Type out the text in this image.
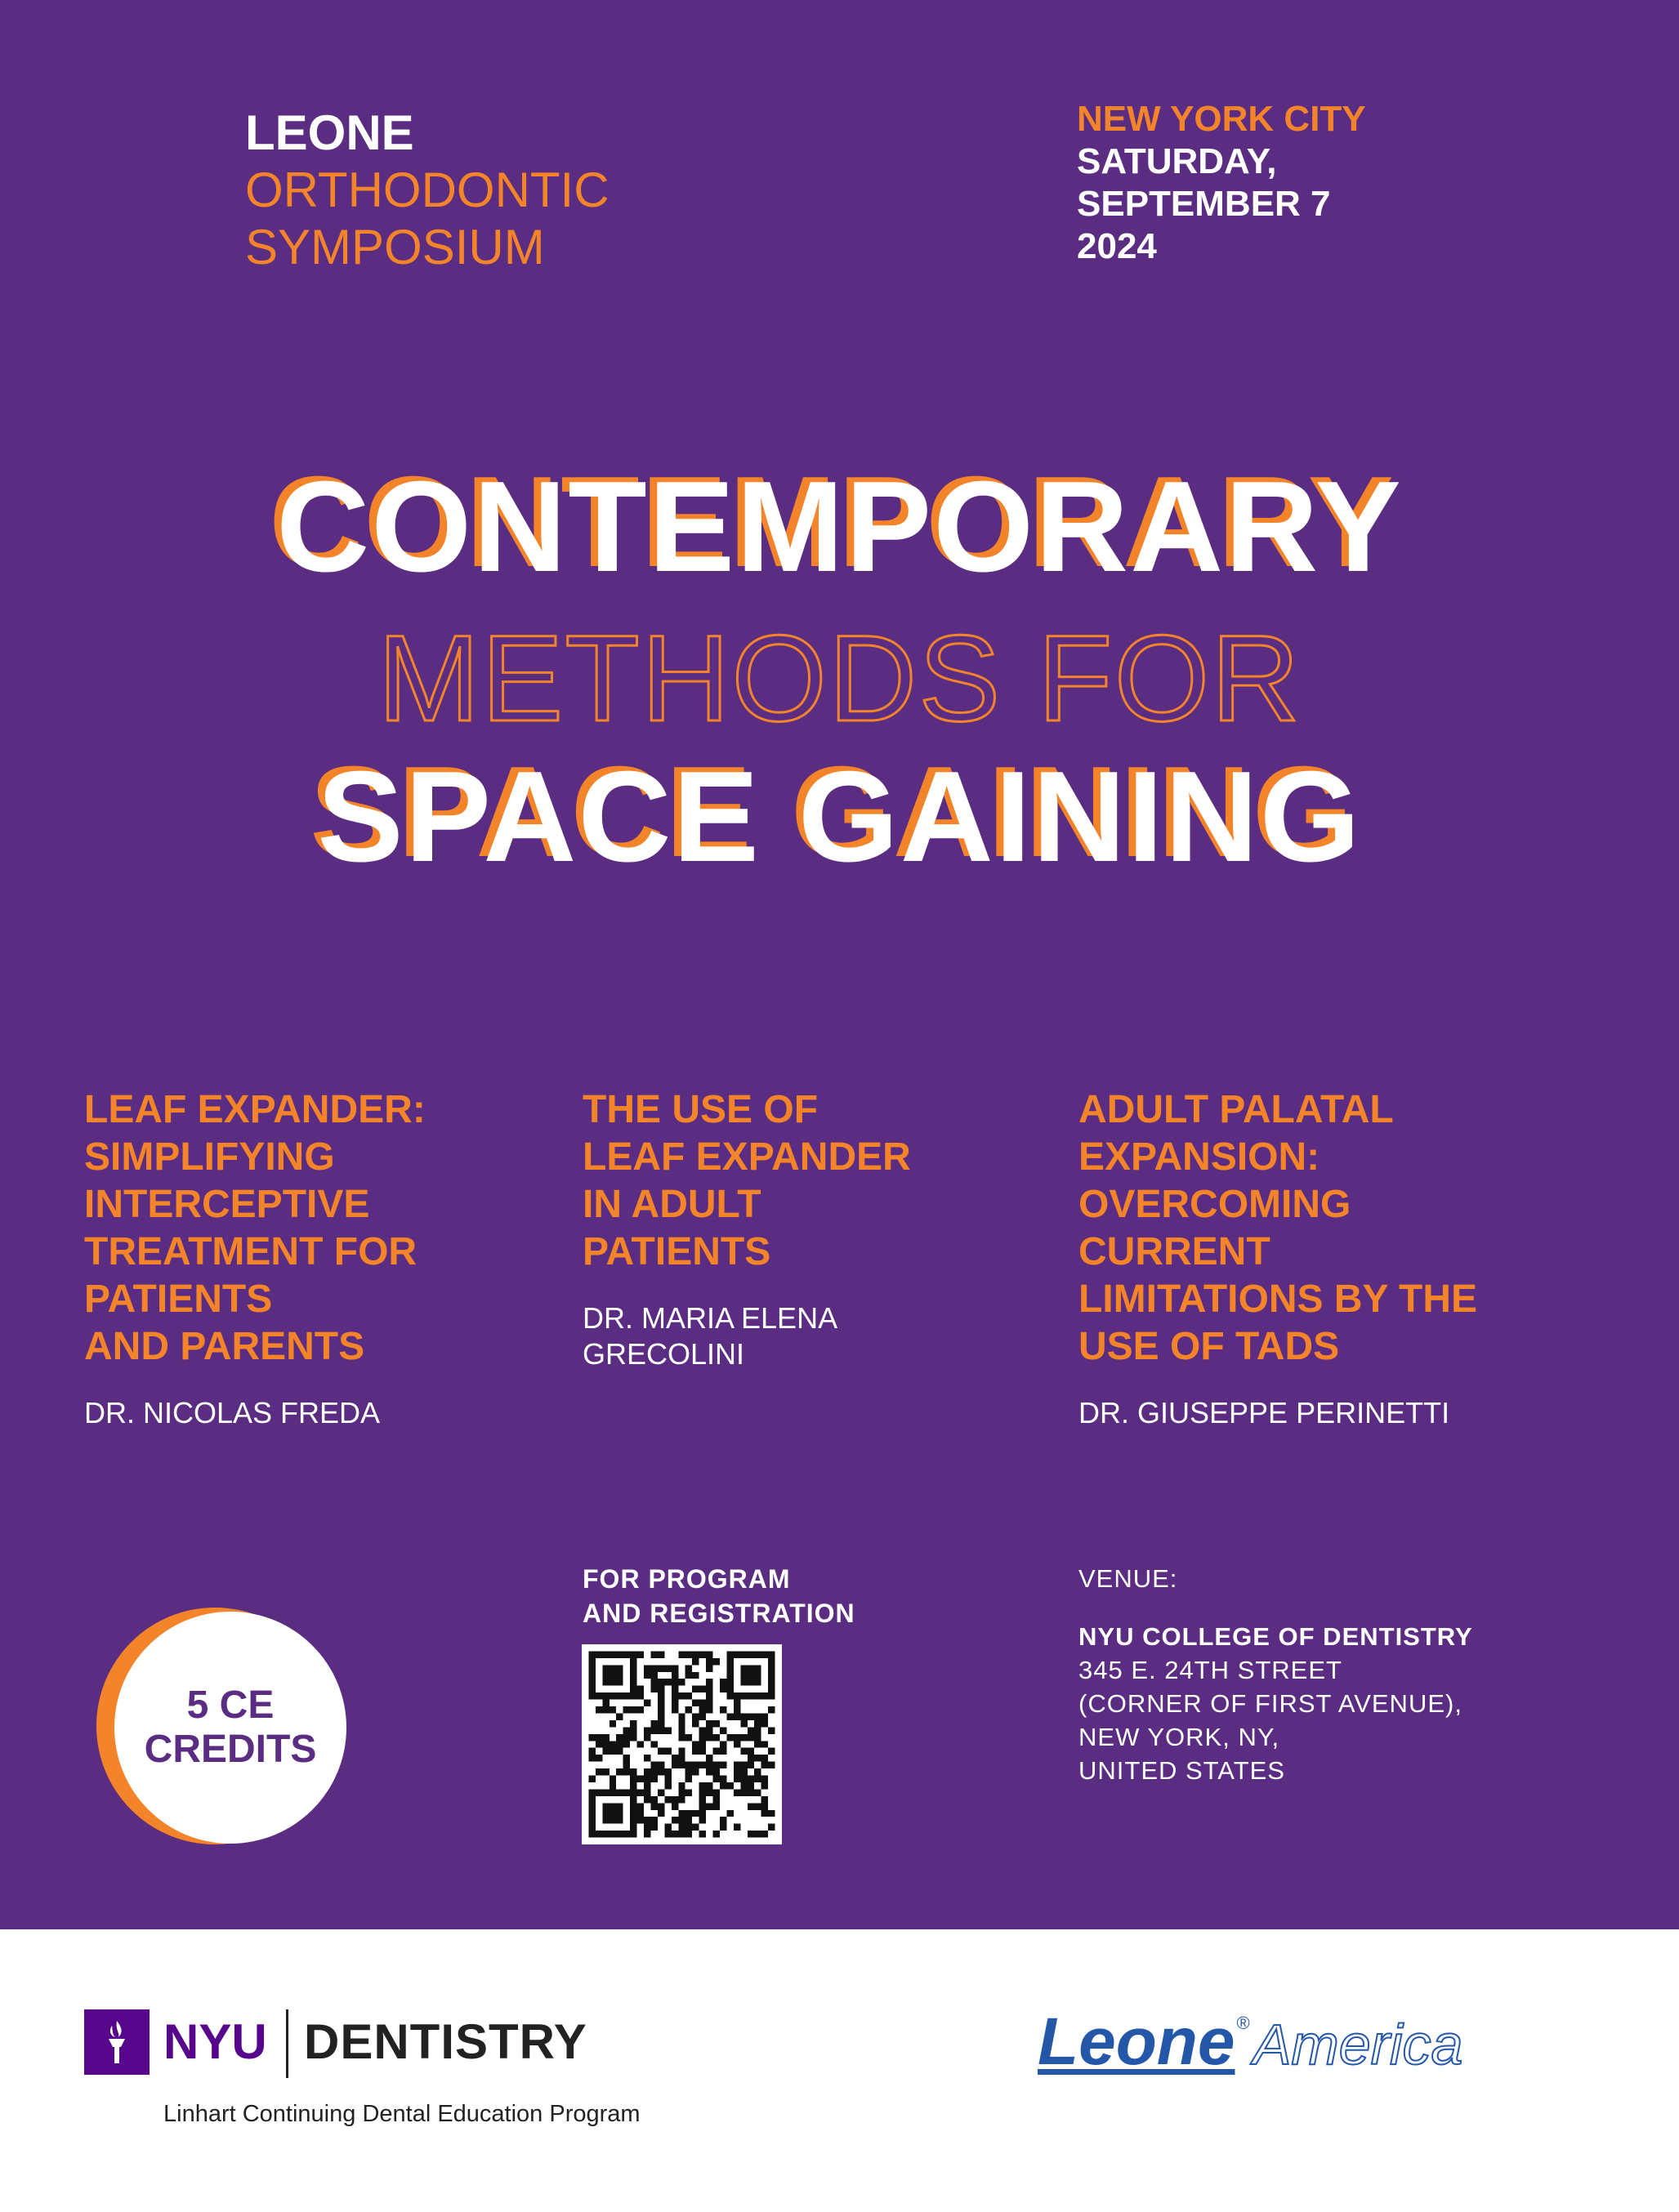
LEONE
ORTHODONTIC
SYMPOSIUM
NEW YORK CITY
SATURDAY,
SEPTEMBER 7
2024
CONTEMPORARY
METHODS FOR
SPACE GAINING
LEAF EXPANDER:
SIMPLIFYING
INTERCEPTIVE
TREATMENT FOR
PATIENTS
AND PARENTS
DR. NICOLAS FREDA
THE USE OF
LEAF EXPANDER
IN ADULT
PATIENTS
DR. MARIA ELENA
GRECOLINI
ADULT PALATAL
EXPANSION:
OVERCOMING
CURRENT
LIMITATIONS BY THE
USE OF TADS
DR. GIUSEPPE PERINETTI
5 CE
CREDITS
FOR PROGRAM
AND REGISTRATION
VENUE:
NYU COLLEGE OF DENTISTRY
345 E. 24TH STREET
(CORNER OF FIRST AVENUE),
NEW YORK, NY,
UNITED STATES
NYU DENTISTRY
Linhart Continuing Dental Education Program
Leone ® America
